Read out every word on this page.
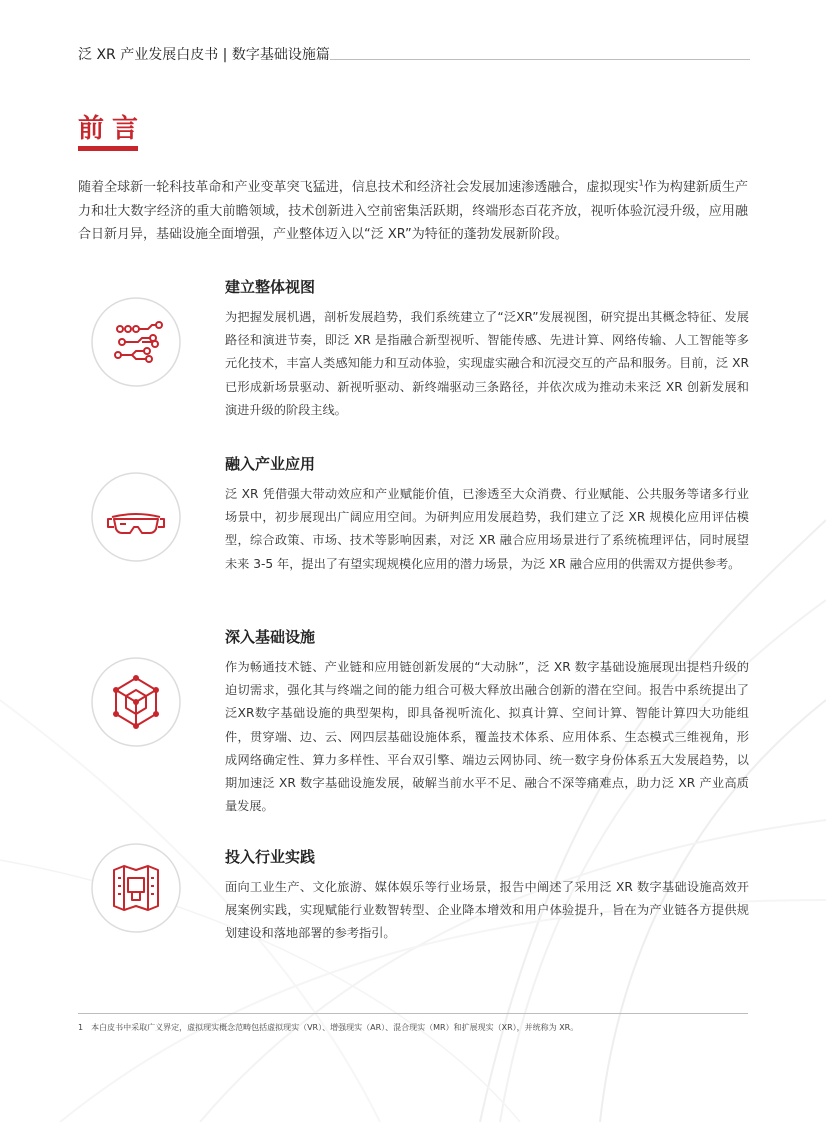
泛 XR 产业发展白皮书 | 数字基础设施篇
前言
随着全球新一轮科技革命和产业变革突飞猛进，信息技术和经济社会发展加速渗透融合，虚拟现实$^1$作为构建新质生产力和壮大数字经济的重大前瞻领域，技术创新进入空前密集活跃期，终端形态百花齐放，视听体验沉浸升级，应用融合日新月异，基础设施全面增强，产业整体迈入以“泛 XR”为特征的蓬勃发展新阶段。
建立整体视图

为把握发展机遇，剖析发展趋势，我们系统建立了“泛XR”发展视图，研究提出其概念特征、发展路径和演进节奏，即泛 XR 是指融合新型视听、智能传感、先进计算、网络传输、人工智能等多元化技术，丰富人类感知能力和互动体验，实现虚实融合和沉浸交互的产品和服务。目前，泛 XR 已形成新场景驱动、新视听驱动、新终端驱动三条路径，并依次成为推动未来泛 XR 创新发展和演进升级的阶段主线。

融入产业应用

泛 XR 凭借强大带动效应和产业赋能价值，已渗透至大众消费、行业赋能、公共服务等诸多行业场景中，初步展现出广阔应用空间。为研判应用发展趋势，我们建立了泛 XR 规模化应用评估模型，综合政策、市场、技术等影响因素，对泛 XR 融合应用场景进行了系统梳理评估，同时展望未来 3-5 年，提出了有望实现规模化应用的潜力场景，为泛 XR 融合应用的供需双方提供参考。

深入基础设施

作为畅通技术链、产业链和应用链创新发展的“大动脉”，泛 XR 数字基础设施展现出提档升级的迫切需求，强化其与终端之间的能力组合可极大释放出融合创新的潜在空间。报告中系统提出了泛XR数字基础设施的典型架构，即具备视听流化、拟真计算、空间计算、智能计算四大功能组件，贯穿端、边、云、网四层基础设施体系，覆盖技术体系、应用体系、生态模式三维视角，形成网络确定性、算力多样性、平台双引擎、端边云网协同、统一数字身份体系五大发展趋势，以期加速泛 XR 数字基础设施发展，破解当前水平不足、融合不深等痛难点，助力泛 XR 产业高质量发展。

投入行业实践

面向工业生产、文化旅游、媒体娱乐等行业场景，报告中阐述了采用泛 XR 数字基础设施高效开展案例实践，实现赋能行业数智转型、企业降本增效和用户体验提升，旨在为产业链各方提供规划建设和落地部署的参考指引。

1　本白皮书中采取广义界定，虚拟现实概念范畴包括虚拟现实（VR）、增强现实（AR）、混合现实（MR）和扩展现实（XR），并统称为 XR。
